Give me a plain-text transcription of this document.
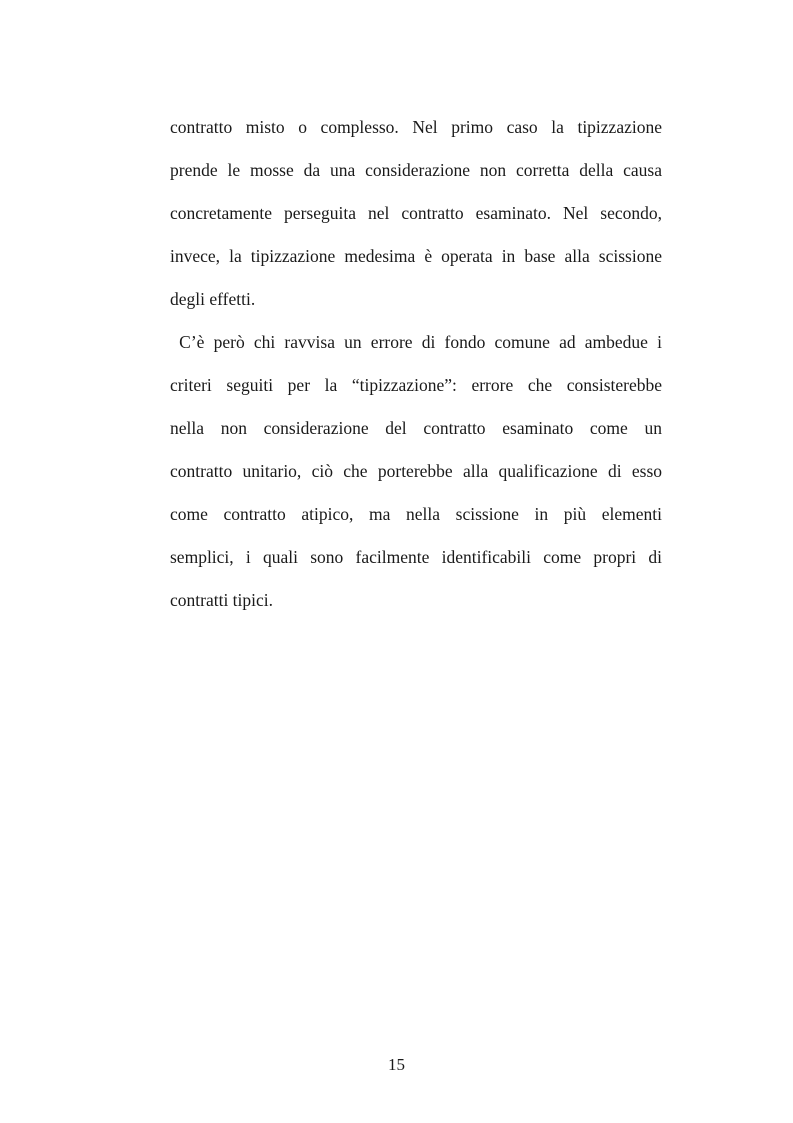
contratto misto o complesso. Nel primo caso la tipizzazione
prende le mosse da una considerazione non corretta della causa
concretamente perseguita nel contratto esaminato. Nel secondo,
invece, la tipizzazione medesima è operata in base alla scissione
degli effetti.
C’è però chi ravvisa un errore di fondo comune ad ambedue i
criteri seguiti per la “tipizzazione”: errore che consisterebbe
nella non considerazione del contratto esaminato come un
contratto unitario, ciò che porterebbe alla qualificazione di esso
come contratto atipico, ma nella scissione in più elementi
semplici, i quali sono facilmente identificabili come propri di
contratti tipici.
15
